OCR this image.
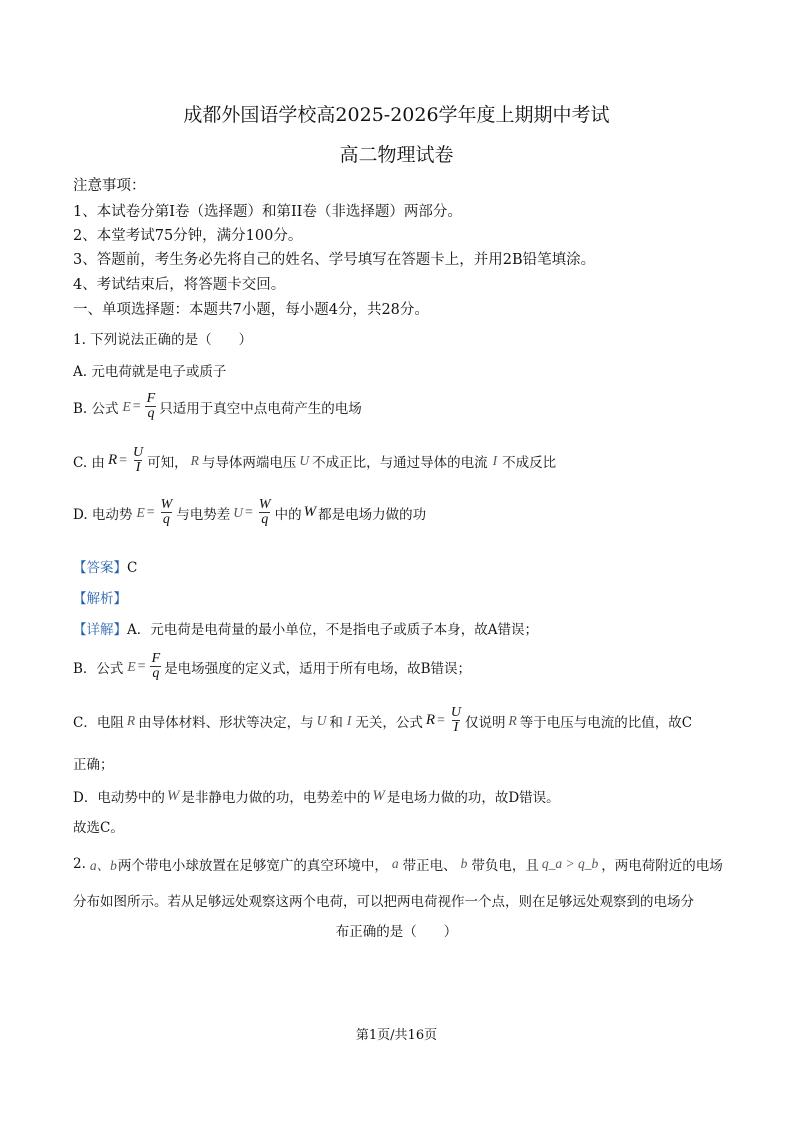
成都外国语学校高2025-2026学年度上期期中考试
高二物理试卷
注意事项：
1、本试卷分第I卷（选择题）和第II卷（非选择题）两部分。
2、本堂考试75分钟，满分100分。
3、答题前，考生务必先将自己的姓名、学号填写在答题卡上，并用2B铅笔填涂。
4、考试结束后，将答题卡交回。
一、单项选择题：本题共7小题，每小题4分，共28分。
1. 下列说法正确的是（　　）
A. 元电荷就是电子或质子
B. 公式 $E = \frac{F}{q}$ 只适用于真空中点电荷产生的电场
C. 由 $R = \frac{U}{I}$ 可知， R 与导体两端电压 U 不成正比，与通过导体的电流 I 不成反比
D. 电动势 $E = \frac{W}{q}$ 与电势差 $U = \frac{W}{q}$ 中的 W 都是电场力做的功
【答案】C
【解析】
【详解】A．元电荷是电荷量的最小单位，不是指电子或质子本身，故A错误；
B．公式 $E = \frac{F}{q}$ 是电场强度的定义式，适用于所有电场，故B错误；
C．电阻 R 由导体材料、形状等决定，与 U 和 I 无关，公式 $R = \frac{U}{I}$ 仅说明 R 等于电压与电流的比值，故C
正确；
D．电动势中的 W 是非静电力做的功，电势差中的 W 是电场力做的功，故D错误。
故选C。
2. a、b 两个带电小球放置在足够宽广的真空环境中， a 带正电、 b 带负电，且 q_a > q_b ，两电荷附近的电场
分布如图所示。若从足够远处观察这两个电荷，可以把两电荷视作一个点，则在足够远处观察到的电场分
布正确的是（　　）
第1页/共16页
